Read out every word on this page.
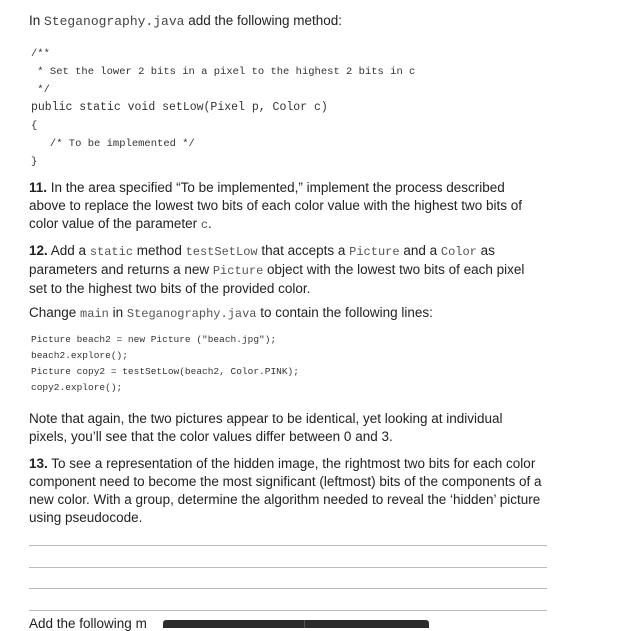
In Steganography.java add the following method:

/**
* Set the lower 2 bits in a pixel to the highest 2 bits in c
*/
public static void setLow(Pixel p, Color c)
{
/* To be implemented */
}

11. In the area specified “To be implemented,” implement the process described above to replace the lowest two bits of each color value with the highest two bits of color value of the parameter c.

12. Add a static method testSetLow that accepts a Picture and a Color as parameters and returns a new Picture object with the lowest two bits of each pixel set to the highest two bits of the provided color.

Change main in Steganography.java to contain the following lines:

Picture beach2 = new Picture ("beach.jpg");
beach2.explore();
Picture copy2 = testSetLow(beach2, Color.PINK);
copy2.explore();

Note that again, the two pictures appear to be identical, yet looking at individual pixels, you’ll see that the color values differ between 0 and 3.

13. To see a representation of the hidden image, the rightmost two bits for each color component need to become the most significant (leftmost) bits of the components of a new color. With a group, determine the algorithm needed to reveal the ‘hidden’ picture using pseudocode.

Add the following m
